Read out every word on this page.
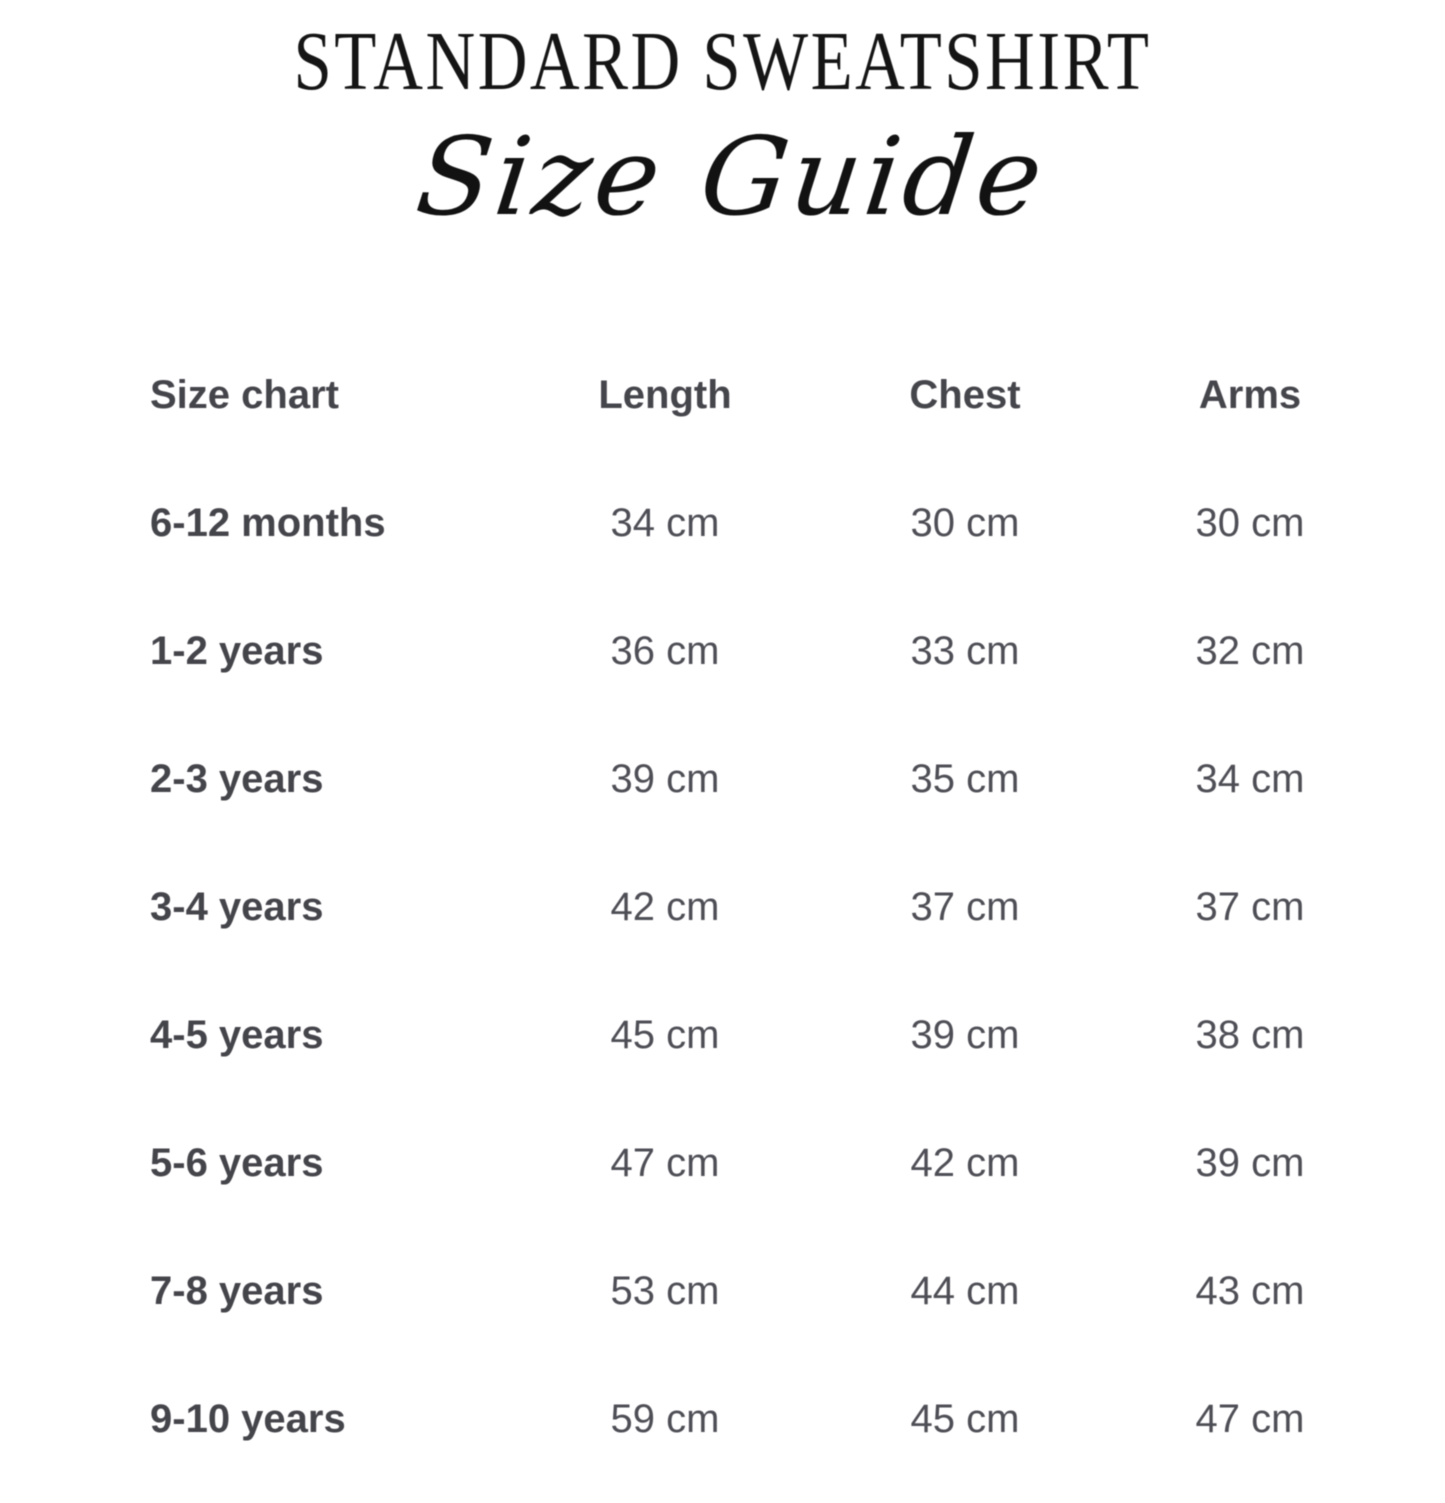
STANDARD SWEATSHIRT
Size Guide
Size chart	Length	Chest	Arms
6-12 months	34 cm	30 cm	30 cm
1-2 years	36 cm	33 cm	32 cm
2-3 years	39 cm	35 cm	34 cm
3-4 years	42 cm	37 cm	37 cm
4-5 years	45 cm	39 cm	38 cm
5-6 years	47 cm	42 cm	39 cm
7-8 years	53 cm	44 cm	43 cm
9-10 years	59 cm	45 cm	47 cm
